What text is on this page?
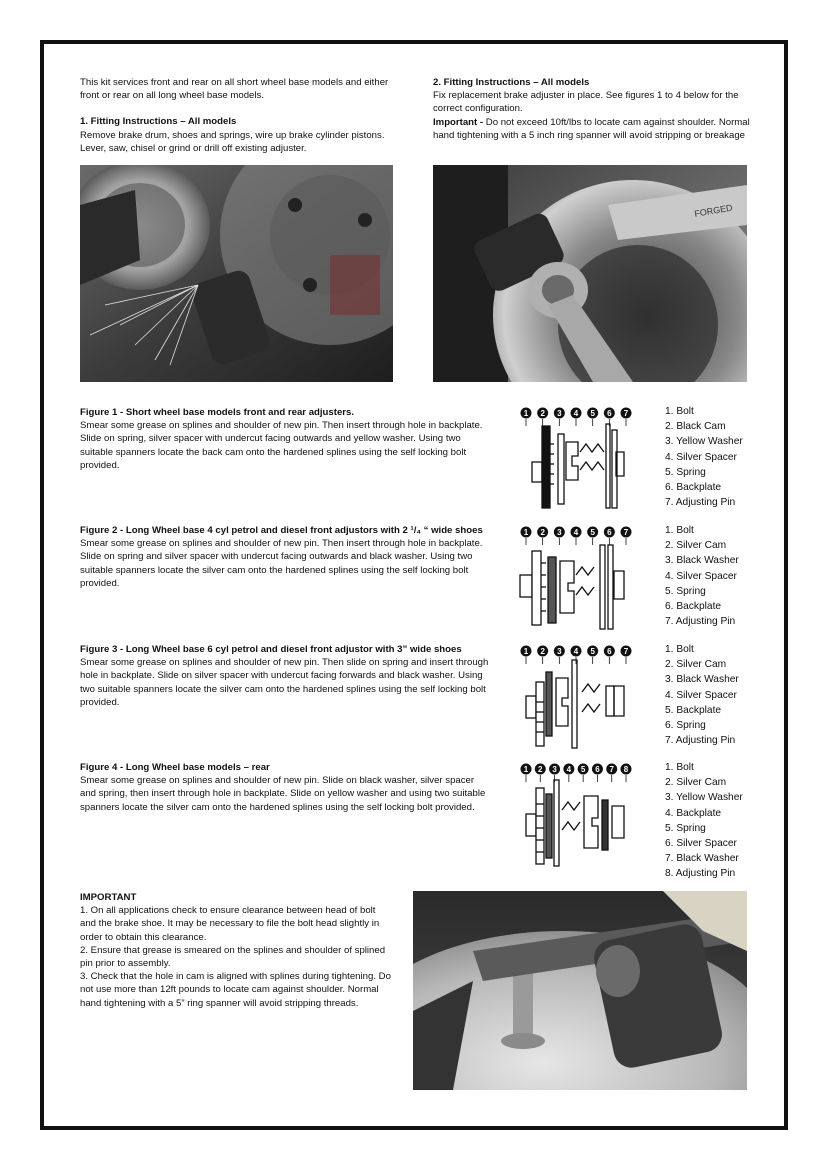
This kit services front and rear on all short wheel base models and either front or rear on all long wheel base models.

1. Fitting Instructions – All models

Remove brake drum, shoes and springs, wire up brake cylinder pistons. Lever, saw, chisel or grind or drill off existing adjuster.

2. Fitting Instructions – All models

Fix replacement brake adjuster in place. See figures 1 to 4 below for the correct configuration.

Important - Do not exceed 10ft/lbs to locate cam against shoulder. Normal hand tightening with a 5 inch ring spanner will avoid stripping or breakage

FORGED

Figure 1 - Short wheel base models front and rear adjusters.

Smear some grease on splines and shoulder of new pin. Then insert through hole in backplate. Slide on spring, silver spacer with undercut facing outwards and yellow washer. Using two suitable spanners locate the back cam onto the hardened splines using the self locking bolt provided.

Figure 2 - Long Wheel base 4 cyl petrol and diesel front adjustors with 2 ¹/₄ “ wide shoes

Smear some grease on splines and shoulder of new pin. Then insert through hole in backplate. Slide on spring and silver spacer with undercut facing outwards and black washer. Using two suitable spanners locate the silver cam onto the hardened splines using the self locking bolt provided.

Figure 3 - Long Wheel base 6 cyl petrol and diesel front adjustor with 3” wide shoes

Smear some grease on splines and shoulder of new pin. Then slide on spring and insert through hole in backplate. Slide on silver spacer with undercut facing forwards and black washer. Using two suitable spanners locate the silver cam onto the hardened splines using the self locking bolt provided.

Figure 4 - Long Wheel base models – rear

Smear some grease on splines and shoulder of new pin. Slide on black washer, silver spacer and spring, then insert through hole in backplate. Slide on yellow washer and using two suitable spanners locate the silver cam onto the hardened splines using the self locking bolt provided.

1 2 3 4 5 6 7
1 2 3 4 5 6 7
1 2 3 4 5 6 7
1 2 3 4 5 6 7 8
1. Bolt
2. Black Cam
3. Yellow Washer
4. Silver Spacer
5. Spring
6. Backplate
7. Adjusting Pin
1. Bolt
2. Silver Cam
3. Black Washer
4. Silver Spacer
5. Spring
6. Backplate
7. Adjusting Pin
1. Bolt
2. Silver Cam
3. Black Washer
4. Silver Spacer
5. Backplate
6. Spring
7. Adjusting Pin
1. Bolt
2. Silver Cam
3. Yellow Washer
4. Backplate
5. Spring
6. Silver Spacer
7. Black Washer
8. Adjusting Pin

IMPORTANT

1. On all applications check to ensure clearance between head of bolt and the brake shoe. It may be necessary to file the bolt head slightly in order to obtain this clearance.

2. Ensure that grease is smeared on the splines and shoulder of splined pin prior to assembly.

3. Check that the hole in cam is aligned with splines during tightening. Do not use more than 12ft pounds to locate cam against shoulder. Normal hand tightening with a 5” ring spanner will avoid stripping threads.
